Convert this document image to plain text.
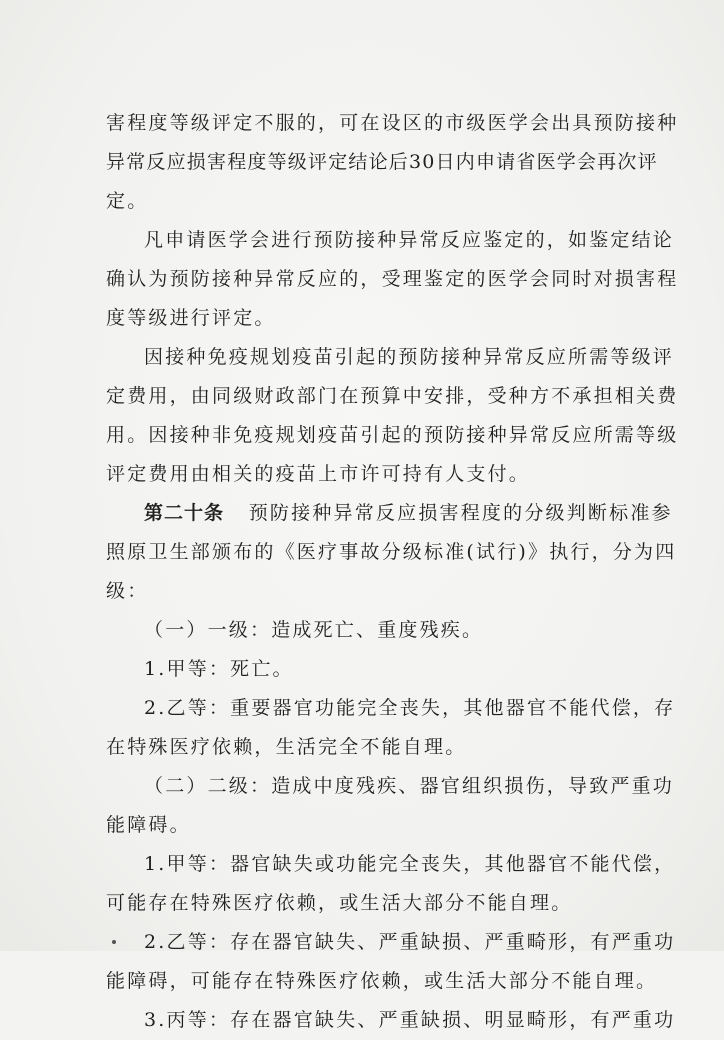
害程度等级评定不服的，可在设区的市级医学会出具预防接种
异常反应损害程度等级评定结论后30日内申请省医学会再次评
定。
凡申请医学会进行预防接种异常反应鉴定的，如鉴定结论
确认为预防接种异常反应的，受理鉴定的医学会同时对损害程
度等级进行评定。
因接种免疫规划疫苗引起的预防接种异常反应所需等级评
定费用，由同级财政部门在预算中安排，受种方不承担相关费
用。因接种非免疫规划疫苗引起的预防接种异常反应所需等级
评定费用由相关的疫苗上市许可持有人支付。
第二十条 预防接种异常反应损害程度的分级判断标准参
照原卫生部颁布的《医疗事故分级标准(试行)》执行，分为四
级：
（一）一级：造成死亡、重度残疾。
1.甲等：死亡。
2.乙等：重要器官功能完全丧失，其他器官不能代偿，存
在特殊医疗依赖，生活完全不能自理。
（二）二级：造成中度残疾、器官组织损伤，导致严重功
能障碍。
1.甲等：器官缺失或功能完全丧失，其他器官不能代偿，
可能存在特殊医疗依赖，或生活大部分不能自理。
2.乙等：存在器官缺失、严重缺损、严重畸形，有严重功
能障碍，可能存在特殊医疗依赖，或生活大部分不能自理。
3.丙等：存在器官缺失、严重缺损、明显畸形，有严重功
